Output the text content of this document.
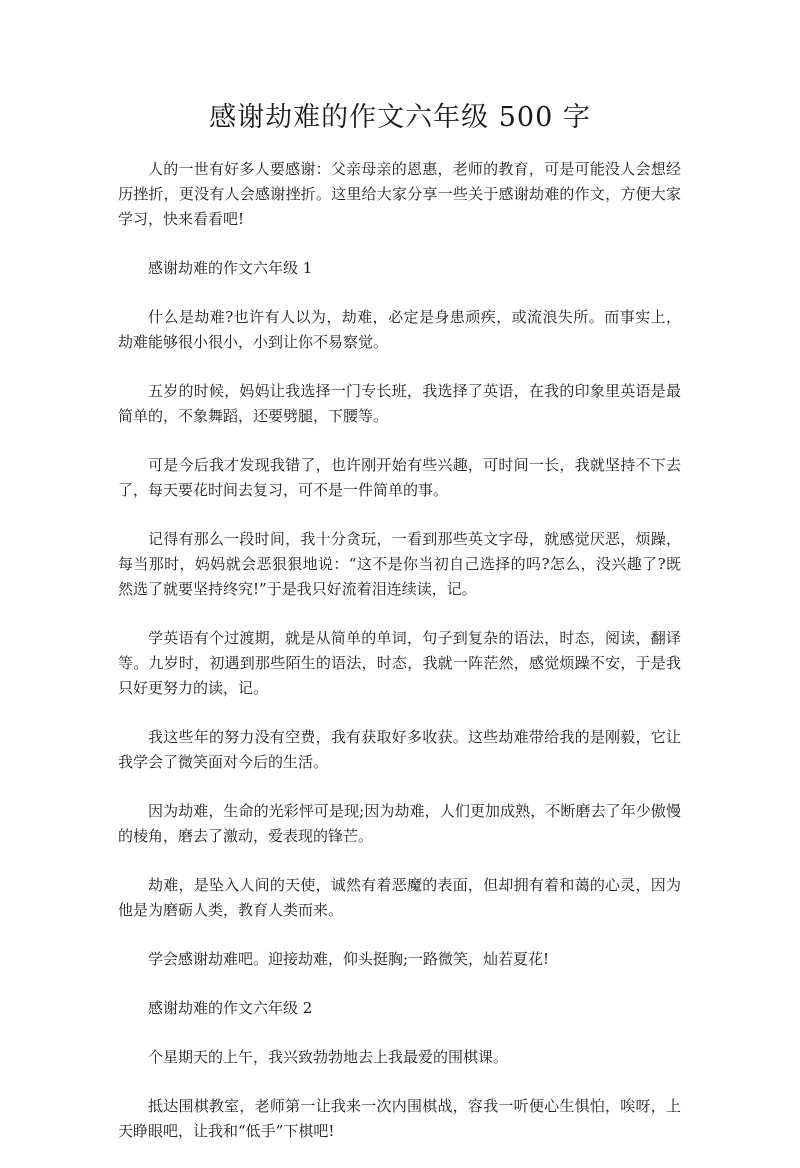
感谢劫难的作文六年级 500 字

人的一世有好多人要感谢：父亲母亲的恩惠，老师的教育，可是可能没人会想经历挫折，更没有人会感谢挫折。这里给大家分享一些关于感谢劫难的作文，方便大家学习，快来看看吧!

感谢劫难的作文六年级 1

什么是劫难?也许有人以为，劫难，必定是身患顽疾，或流浪失所。而事实上，劫难能够很小很小，小到让你不易察觉。

五岁的时候，妈妈让我选择一门专长班，我选择了英语，在我的印象里英语是最简单的，不象舞蹈，还要劈腿，下腰等。

可是今后我才发现我错了，也许刚开始有些兴趣，可时间一长，我就坚持不下去了，每天要花时间去复习，可不是一件简单的事。

记得有那么一段时间，我十分贪玩，一看到那些英文字母，就感觉厌恶，烦躁，每当那时，妈妈就会恶狠狠地说：“这不是你当初自己选择的吗?怎么，没兴趣了?既然选了就要坚持终究!”于是我只好流着泪连续读，记。

学英语有个过渡期，就是从简单的单词，句子到复杂的语法，时态，阅读，翻译等。九岁时，初遇到那些陌生的语法，时态，我就一阵茫然，感觉烦躁不安，于是我只好更努力的读，记。

我这些年的努力没有空费，我有获取好多收获。这些劫难带给我的是刚毅，它让我学会了微笑面对今后的生活。

因为劫难，生命的光彩怦可是现;因为劫难，人们更加成熟，不断磨去了年少傲慢的棱角，磨去了激动，爱表现的锋芒。

劫难，是坠入人间的天使，诚然有着恶魔的表面，但却拥有着和蔼的心灵，因为他是为磨砺人类，教育人类而来。

学会感谢劫难吧。迎接劫难，仰头挺胸;一路微笑，灿若夏花!

感谢劫难的作文六年级 2

个星期天的上午，我兴致勃勃地去上我最爱的围棋课。

抵达围棋教室，老师第一让我来一次内围棋战，容我一听便心生惧怕，唉呀，上天睁眼吧，让我和“低手”下棋吧!
